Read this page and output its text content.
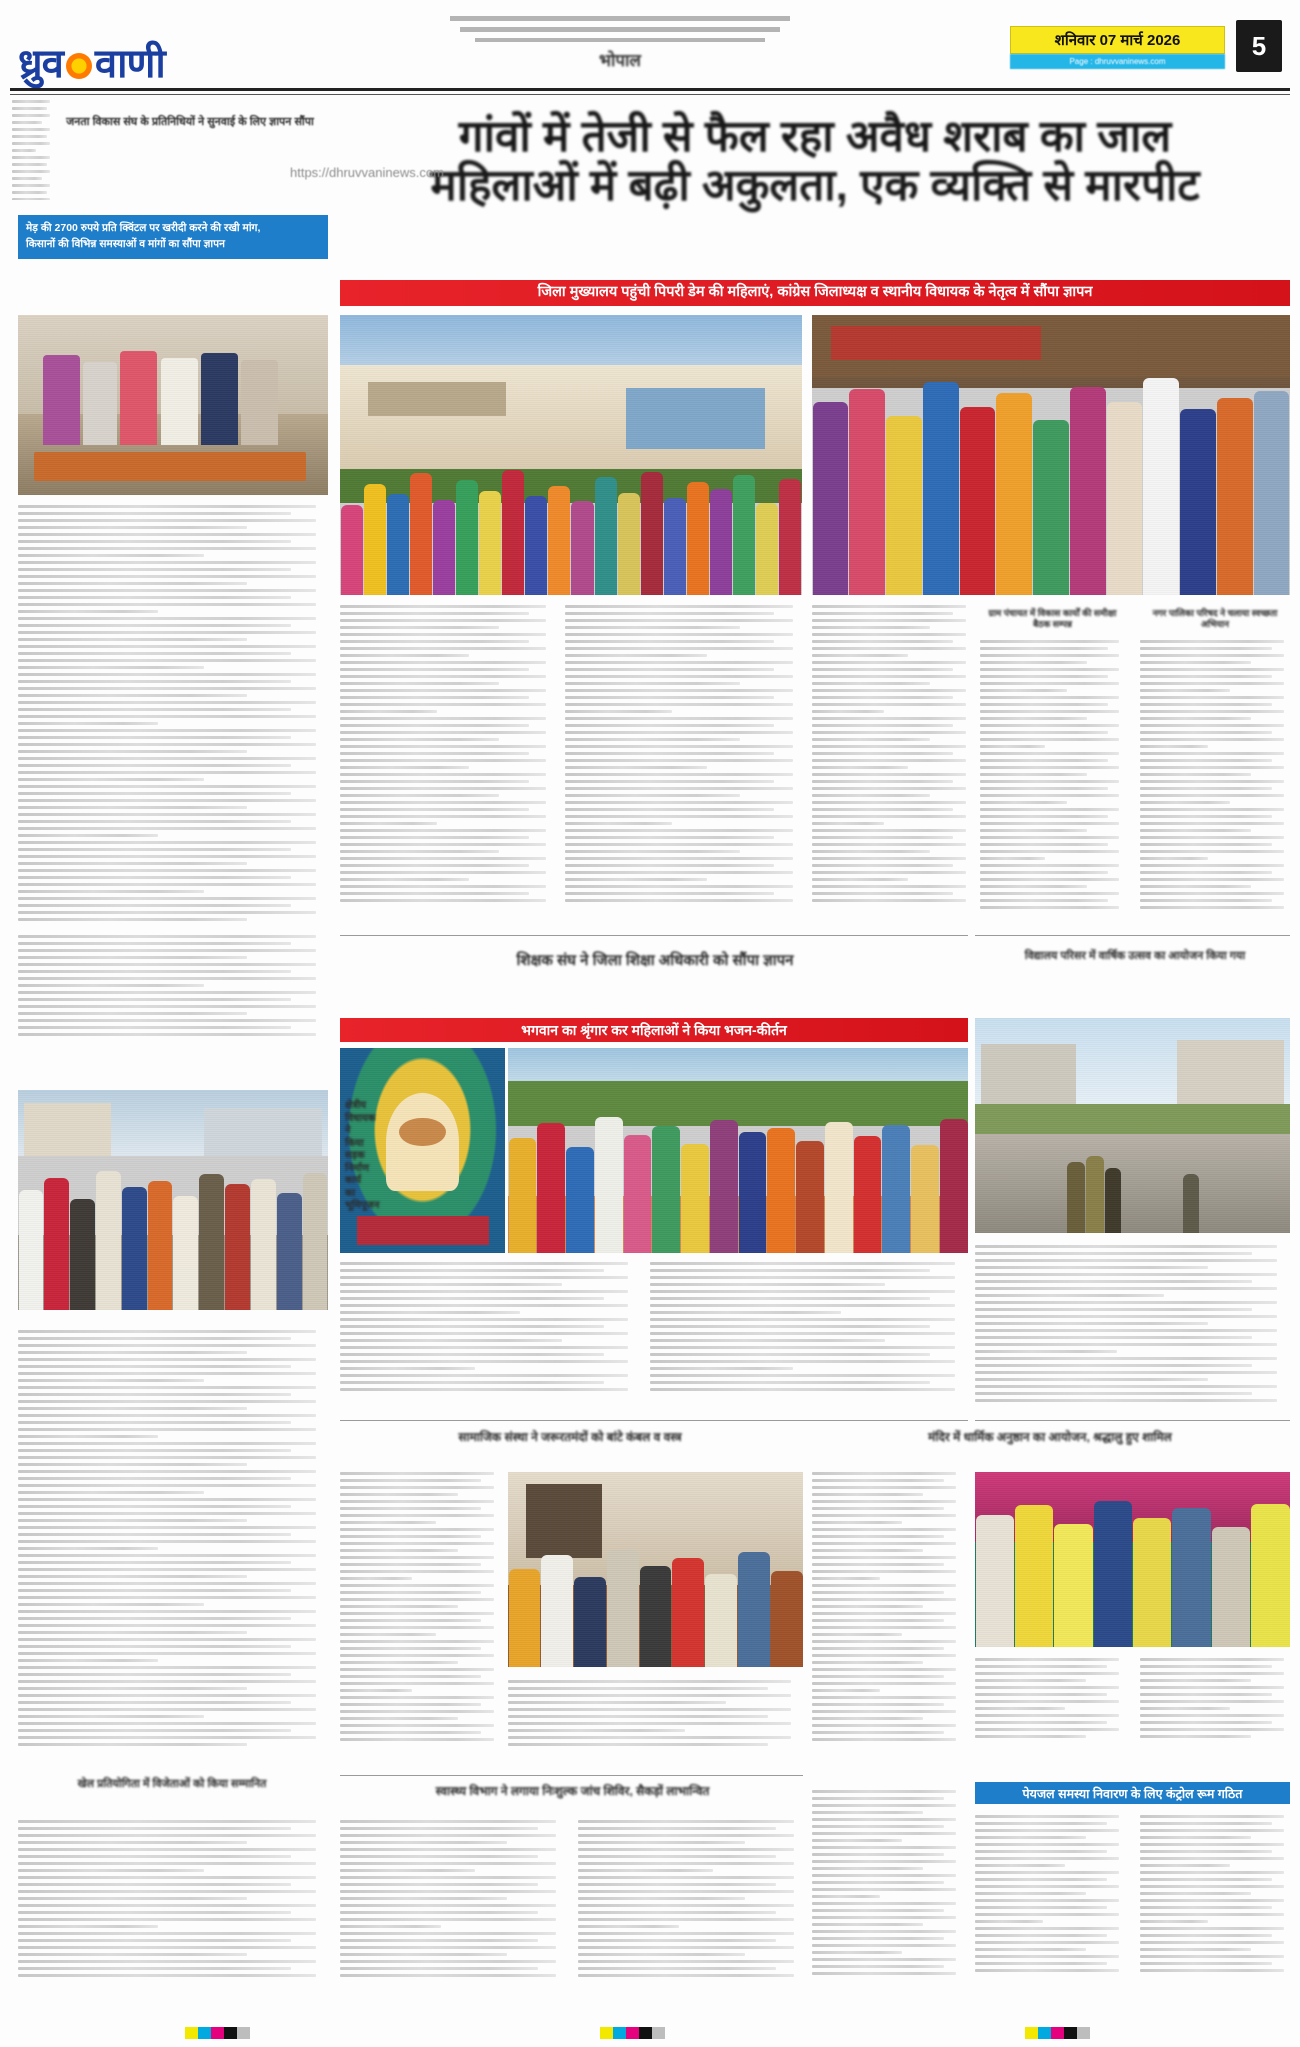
ध्रुव वाणी	भोपाल
शनिवार 07 मार्च 2026
Page : dhruvvaninews.com
5
जनता विकास संघ के प्रतिनिधियों ने सुनवाई के लिए ज्ञापन सौंपा	गांवों में तेजी से फैल रहा अवैध शराब का जाल
महिलाओं में बढ़ी अकुलता, एक व्यक्ति से मारपीट
https://dhruvvaninews.com
मेड़ की 2700 रुपये प्रति क्विंटल पर खरीदी करने की रखी मांग,
किसानों की विभिन्न समस्याओं व मांगों का सौंपा ज्ञापन
जिला मुख्यालय पहुंची पिपरी डेम की महिलाएं, कांग्रेस जिलाध्यक्ष व स्थानीय विधायक के नेतृत्व में सौंपा ज्ञापन
ग्राम पंचायत में विकास कार्यों की समीक्षा बैठक सम्पन्न
नगर पालिका परिषद ने चलाया स्वच्छता अभियान
शिक्षक संघ ने जिला शिक्षा अधिकारी को सौंपा ज्ञापन	विद्यालय परिसर में वार्षिक उत्सव का आयोजन किया गया
भगवान का श्रृंगार कर महिलाओं ने किया भजन-कीर्तन
सामाजिक संस्था ने जरूरतमंदों को बांटे कंबल व वस्त्र	मंदिर में धार्मिक अनुष्ठान का आयोजन, श्रद्धालु हुए शामिल
खेल प्रतियोगिता में विजेताओं को किया सम्मानित	स्वास्थ्य विभाग ने लगाया निःशुल्क जांच शिविर, सैकड़ों लाभान्वित	पेयजल समस्या निवारण के लिए कंट्रोल रूम गठित
